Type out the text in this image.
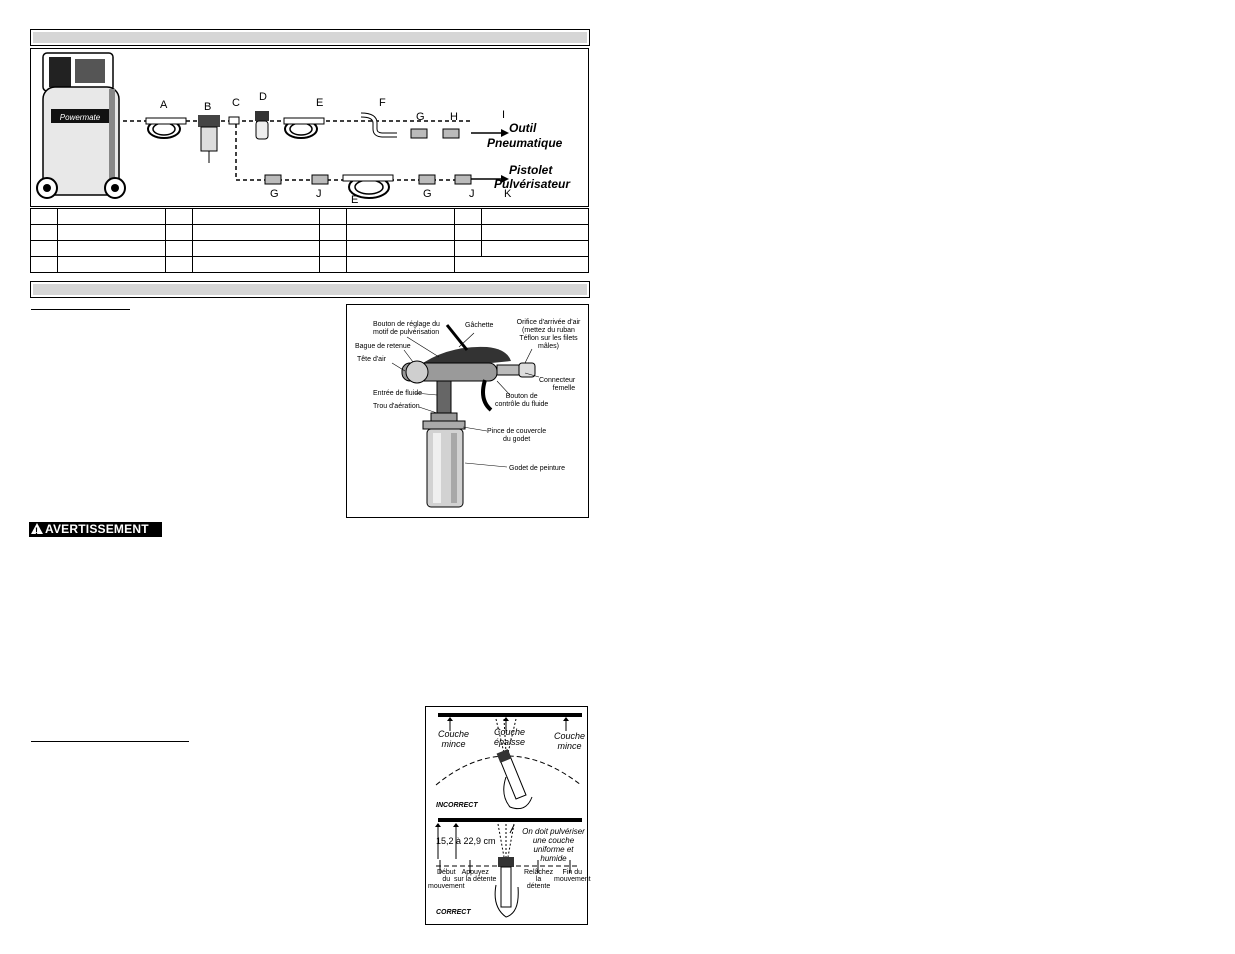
Powermate
A	B C D	E	F
G H	I
Outil
Pneumatique
Pistolet
Pulvérisateur
G	J	E	G	J	K

Bouton de réglage du
motif de pulvérisation
Gâchette	Orifice d'arrivée d'air
(mettez du ruban
Téflon sur les filets mâles)
Bague de retenue
Tête d'air
Connecteur
femelle
Entrée de fluide	Bouton de
contrôle du fluide
Trou d'aération
Pince de couvercle
du godet
Godet de peinture
!AVERTISSEMENT
Couche
mince
Couche
épaisse
Couche
mince
INCORRECT
15,2 à 22,9 cm
On doit pulvériser
une couche
uniforme et humide
Début
du
mouvement
Appuyez
sur la détente
Relâchez
la
détente
Fin du
mouvement
CORRECT
